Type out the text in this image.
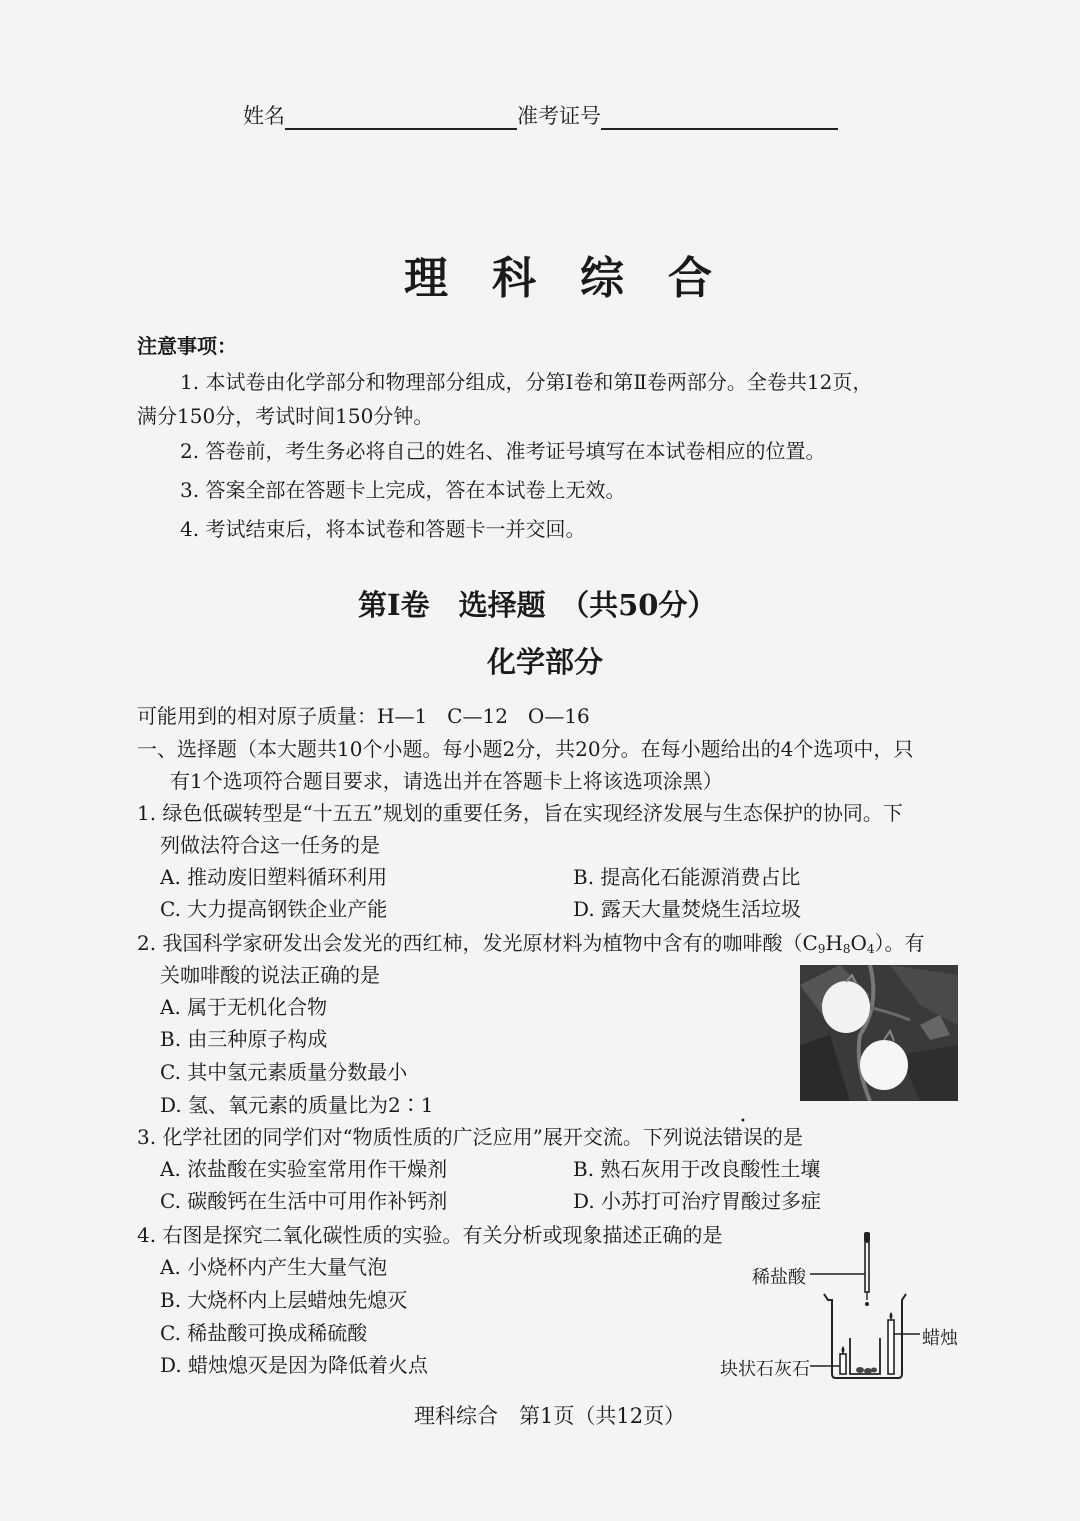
姓名	准考证号
理科综合
注意事项：
1. 本试卷由化学部分和物理部分组成，分第Ⅰ卷和第Ⅱ卷两部分。全卷共12页，
满分150分，考试时间150分钟。
2. 答卷前，考生务必将自己的姓名、准考证号填写在本试卷相应的位置。
3. 答案全部在答题卡上完成，答在本试卷上无效。
4. 考试结束后，将本试卷和答题卡一并交回。
第Ⅰ卷　选择题　（共50分）
化学部分
可能用到的相对原子质量：H—1　C—12　O—16
一、选择题（本大题共10个小题。每小题2分，共20分。在每小题给出的4个选项中，只
有1个选项符合题目要求，请选出并在答题卡上将该选项涂黑）
1. 绿色低碳转型是“十五五”规划的重要任务，旨在实现经济发展与生态保护的协同。下
列做法符合这一任务的是
A. 推动废旧塑料循环利用	B. 提高化石能源消费占比
C. 大力提高钢铁企业产能	D. 露天大量焚烧生活垃圾
2. 我国科学家研发出会发光的西红柿，发光原材料为植物中含有的咖啡酸$(C_9H_8O_4)$。有
关咖啡酸的说法正确的是
A. 属于无机化合物
B. 由三种原子构成
C. 其中氢元素质量分数最小
D. 氢、氧元素的质量比为2∶1
3. 化学社团的同学们对“物质性质的广泛应用”展开交流。下列说法错误的是
A. 浓盐酸在实验室常用作干燥剂	B. 熟石灰用于改良酸性土壤
C. 碳酸钙在生活中可用作补钙剂	D. 小苏打可治疗胃酸过多症
4. 右图是探究二氧化碳性质的实验。有关分析或现象描述正确的是
A. 小烧杯内产生大量气泡
B. 大烧杯内上层蜡烛先熄灭
C. 稀盐酸可换成稀硫酸
D. 蜡烛熄灭是因为降低着火点
稀盐酸
蜡烛
块状石灰石
理科综合　第1页（共12页）
